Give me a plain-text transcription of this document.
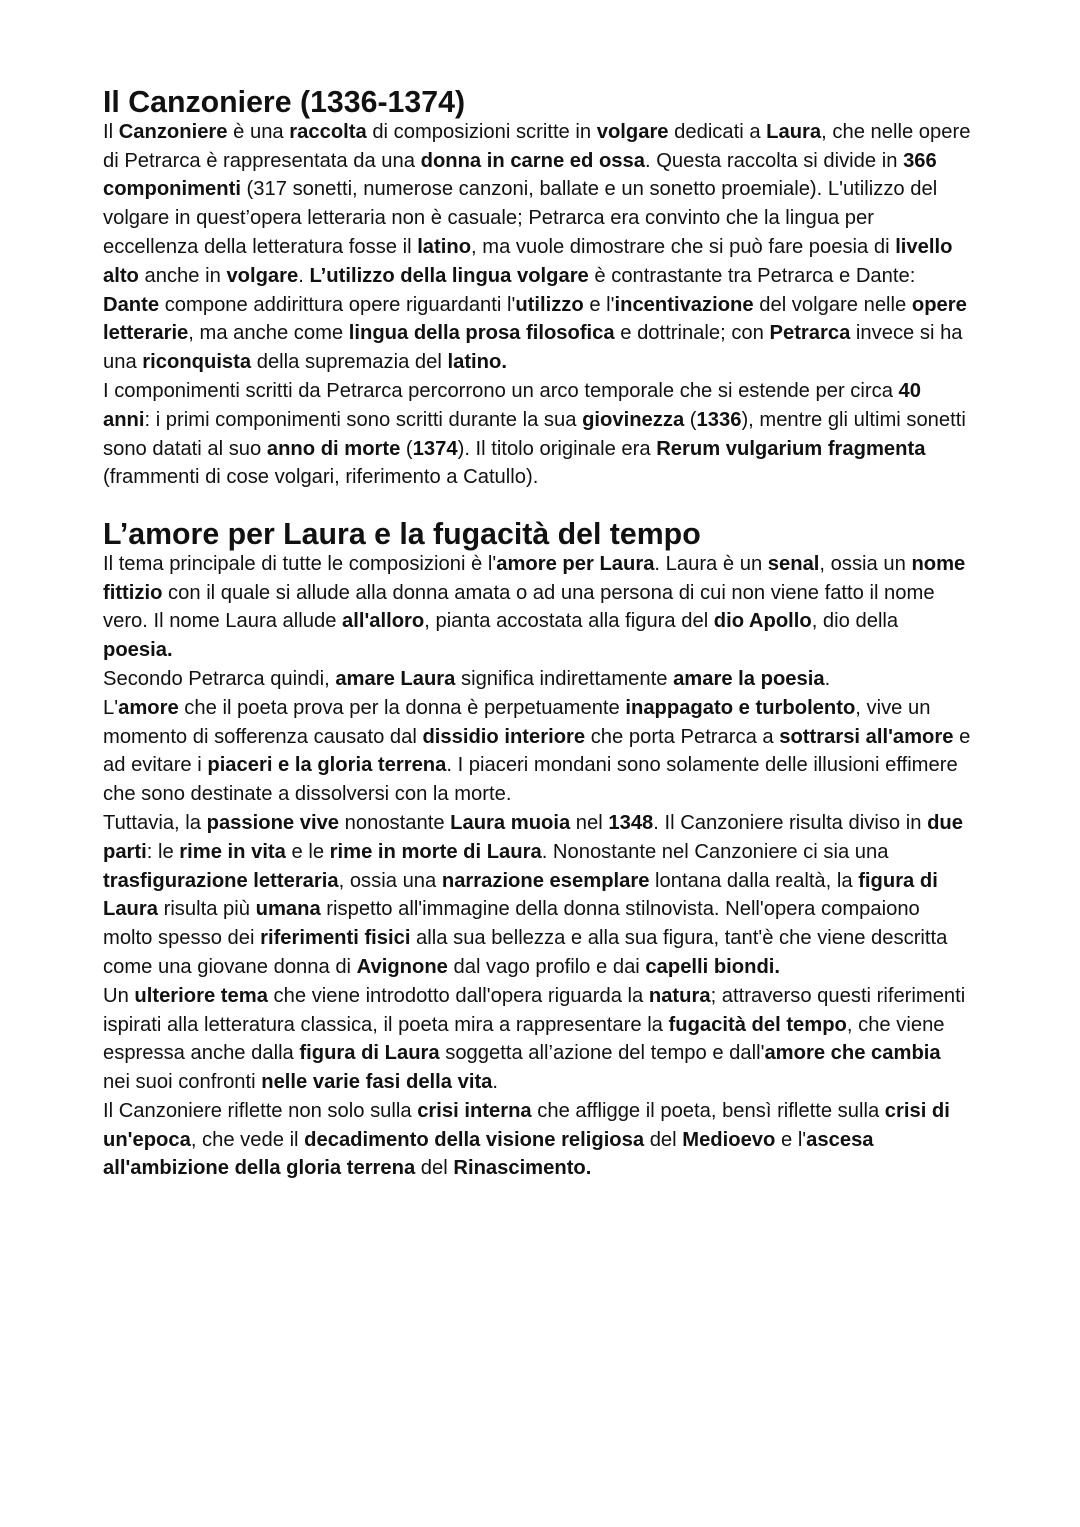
Il Canzoniere (1336-1374)

Il Canzoniere è una raccolta di composizioni scritte in volgare dedicati a Laura, che nelle opere di Petrarca è rappresentata da una donna in carne ed ossa. Questa raccolta si divide in 366 componimenti (317 sonetti, numerose canzoni, ballate e un sonetto proemiale). L'utilizzo del volgare in quest’opera letteraria non è casuale; Petrarca era convinto che la lingua per eccellenza della letteratura fosse il latino, ma vuole dimostrare che si può fare poesia di livello alto anche in volgare. L’utilizzo della lingua volgare è contrastante tra Petrarca e Dante: Dante compone addirittura opere riguardanti l'utilizzo e l'incentivazione del volgare nelle opere letterarie, ma anche come lingua della prosa filosofica e dottrinale; con Petrarca invece si ha una riconquista della supremazia del latino.

I componimenti scritti da Petrarca percorrono un arco temporale che si estende per circa 40 anni: i primi componimenti sono scritti durante la sua giovinezza (1336), mentre gli ultimi sonetti sono datati al suo anno di morte (1374). Il titolo originale era Rerum vulgarium fragmenta (frammenti di cose volgari, riferimento a Catullo).

L’amore per Laura e la fugacità del tempo

Il tema principale di tutte le composizioni è l'amore per Laura. Laura è un senal, ossia un nome fittizio con il quale si allude alla donna amata o ad una persona di cui non viene fatto il nome vero. Il nome Laura allude all'alloro, pianta accostata alla figura del dio Apollo, dio della poesia.

Secondo Petrarca quindi, amare Laura significa indirettamente amare la poesia.

L'amore che il poeta prova per la donna è perpetuamente inappagato e turbolento, vive un momento di sofferenza causato dal dissidio interiore che porta Petrarca a sottrarsi all'amore e ad evitare i piaceri e la gloria terrena. I piaceri mondani sono solamente delle illusioni effimere che sono destinate a dissolversi con la morte.

Tuttavia, la passione vive nonostante Laura muoia nel 1348. Il Canzoniere risulta diviso in due parti: le rime in vita e le rime in morte di Laura. Nonostante nel Canzoniere ci sia una trasfigurazione letteraria, ossia una narrazione esemplare lontana dalla realtà, la figura di Laura risulta più umana rispetto all'immagine della donna stilnovista. Nell'opera compaiono molto spesso dei riferimenti fisici alla sua bellezza e alla sua figura, tant'è che viene descritta come una giovane donna di Avignone dal vago profilo e dai capelli biondi.

Un ulteriore tema che viene introdotto dall'opera riguarda la natura; attraverso questi riferimenti ispirati alla letteratura classica, il poeta mira a rappresentare la fugacità del tempo, che viene espressa anche dalla figura di Laura soggetta all’azione del tempo e dall'amore che cambia nei suoi confronti nelle varie fasi della vita.

Il Canzoniere riflette non solo sulla crisi interna che affligge il poeta, bensì riflette sulla crisi di un'epoca, che vede il decadimento della visione religiosa del Medioevo e l'ascesa all'ambizione della gloria terrena del Rinascimento.
